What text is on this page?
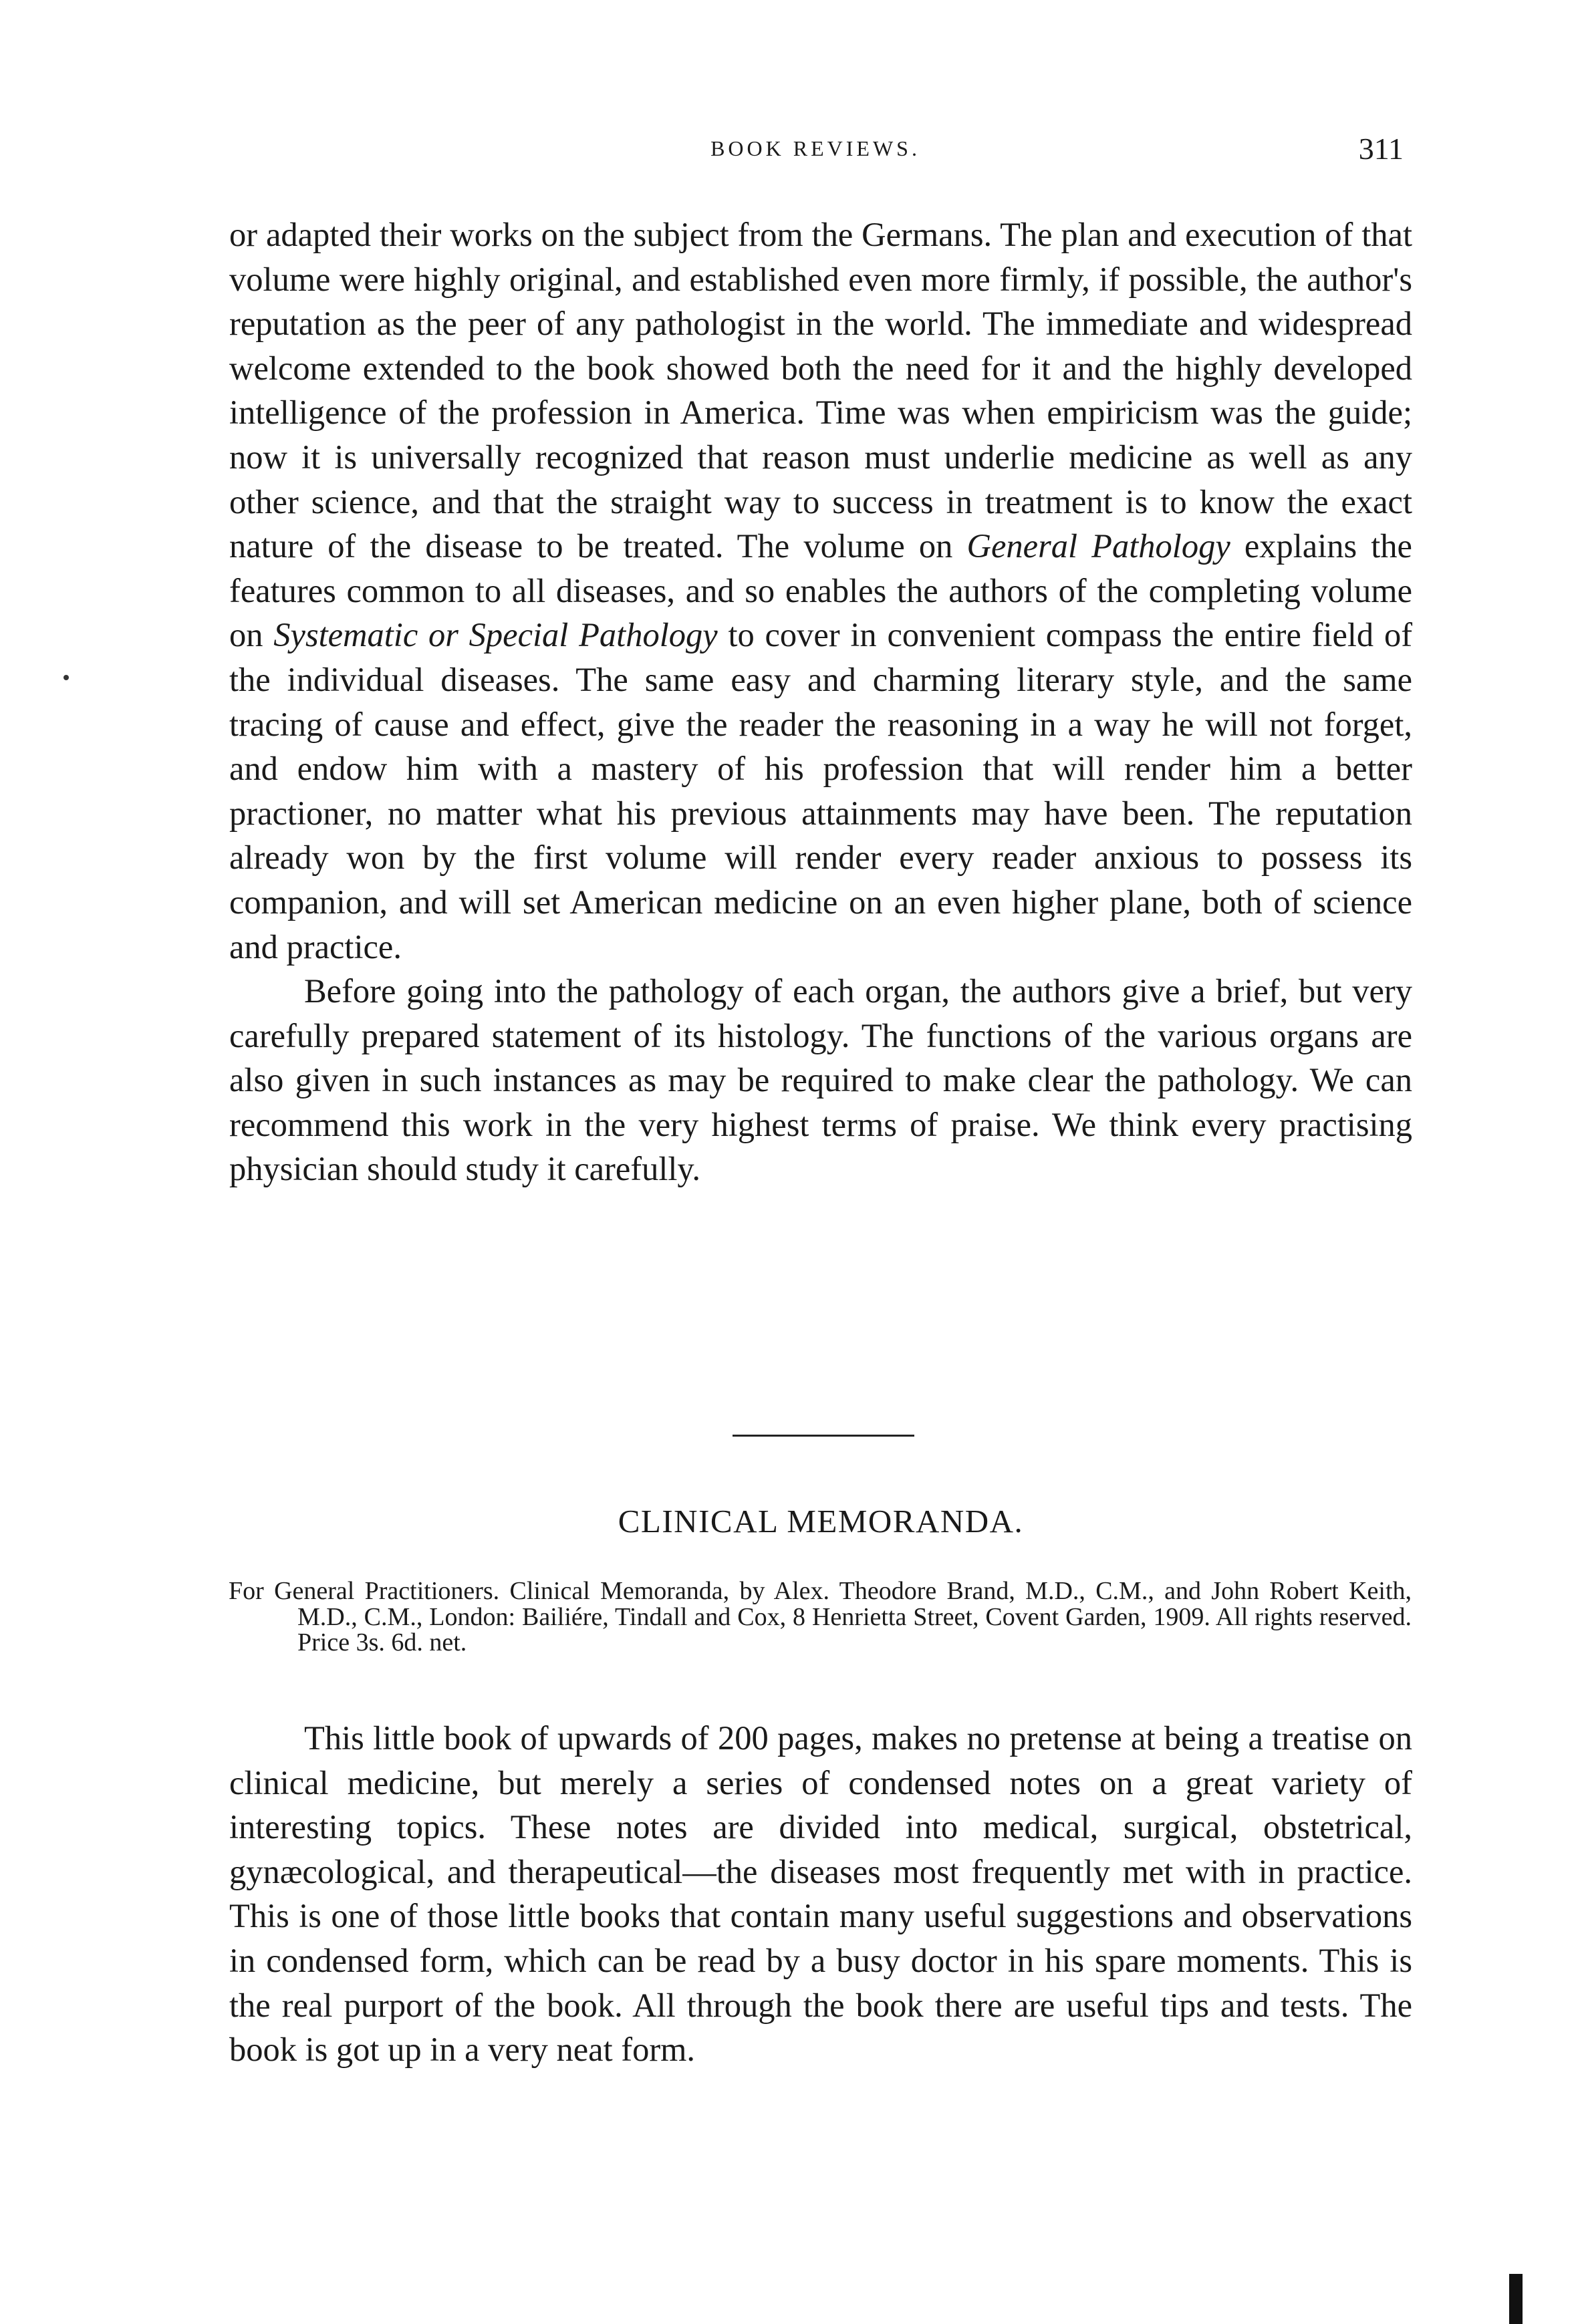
BOOK REVIEWS.	311

or adapted their works on the subject from the Germans. The plan and execution of that volume were highly original, and established even more firmly, if possible, the author's reputation as the peer of any pathologist in the world. The immediate and widespread welcome extended to the book showed both the need for it and the highly developed intelligence of the profession in America. Time was when empiricism was the guide; now it is universally recognized that reason must underlie medicine as well as any other science, and that the straight way to success in treatment is to know the exact nature of the disease to be treated. The volume on General Pathology explains the features common to all diseases, and so enables the authors of the completing volume on Systematic or Special Pathology to cover in convenient compass the entire field of the individual diseases. The same easy and charming literary style, and the same tracing of cause and effect, give the reader the reasoning in a way he will not forget, and endow him with a mastery of his profession that will render him a better practioner, no matter what his previous attainments may have been. The reputation already won by the first volume will render every reader anxious to possess its companion, and will set American medicine on an even higher plane, both of science and practice.

Before going into the pathology of each organ, the authors give a brief, but very carefully prepared statement of its histology. The functions of the various organs are also given in such instances as may be required to make clear the pathology. We can recommend this work in the very highest terms of praise. We think every practising physician should study it carefully.

CLINICAL MEMORANDA.

For General Practitioners. Clinical Memoranda, by Alex. Theodore Brand, M.D., C.M., and John Robert Keith, M.D., C.M., London: Bailiére, Tindall and Cox, 8 Henrietta Street, Covent Garden, 1909. All rights reserved. Price 3s. 6d. net.

This little book of upwards of 200 pages, makes no pretense at being a treatise on clinical medicine, but merely a series of condensed notes on a great variety of interesting topics. These notes are divided into medical, surgical, obstetrical, gynæcological, and therapeutical—the diseases most frequently met with in practice. This is one of those little books that contain many useful suggestions and observations in condensed form, which can be read by a busy doctor in his spare moments. This is the real purport of the book. All through the book there are useful tips and tests. The book is got up in a very neat form.
